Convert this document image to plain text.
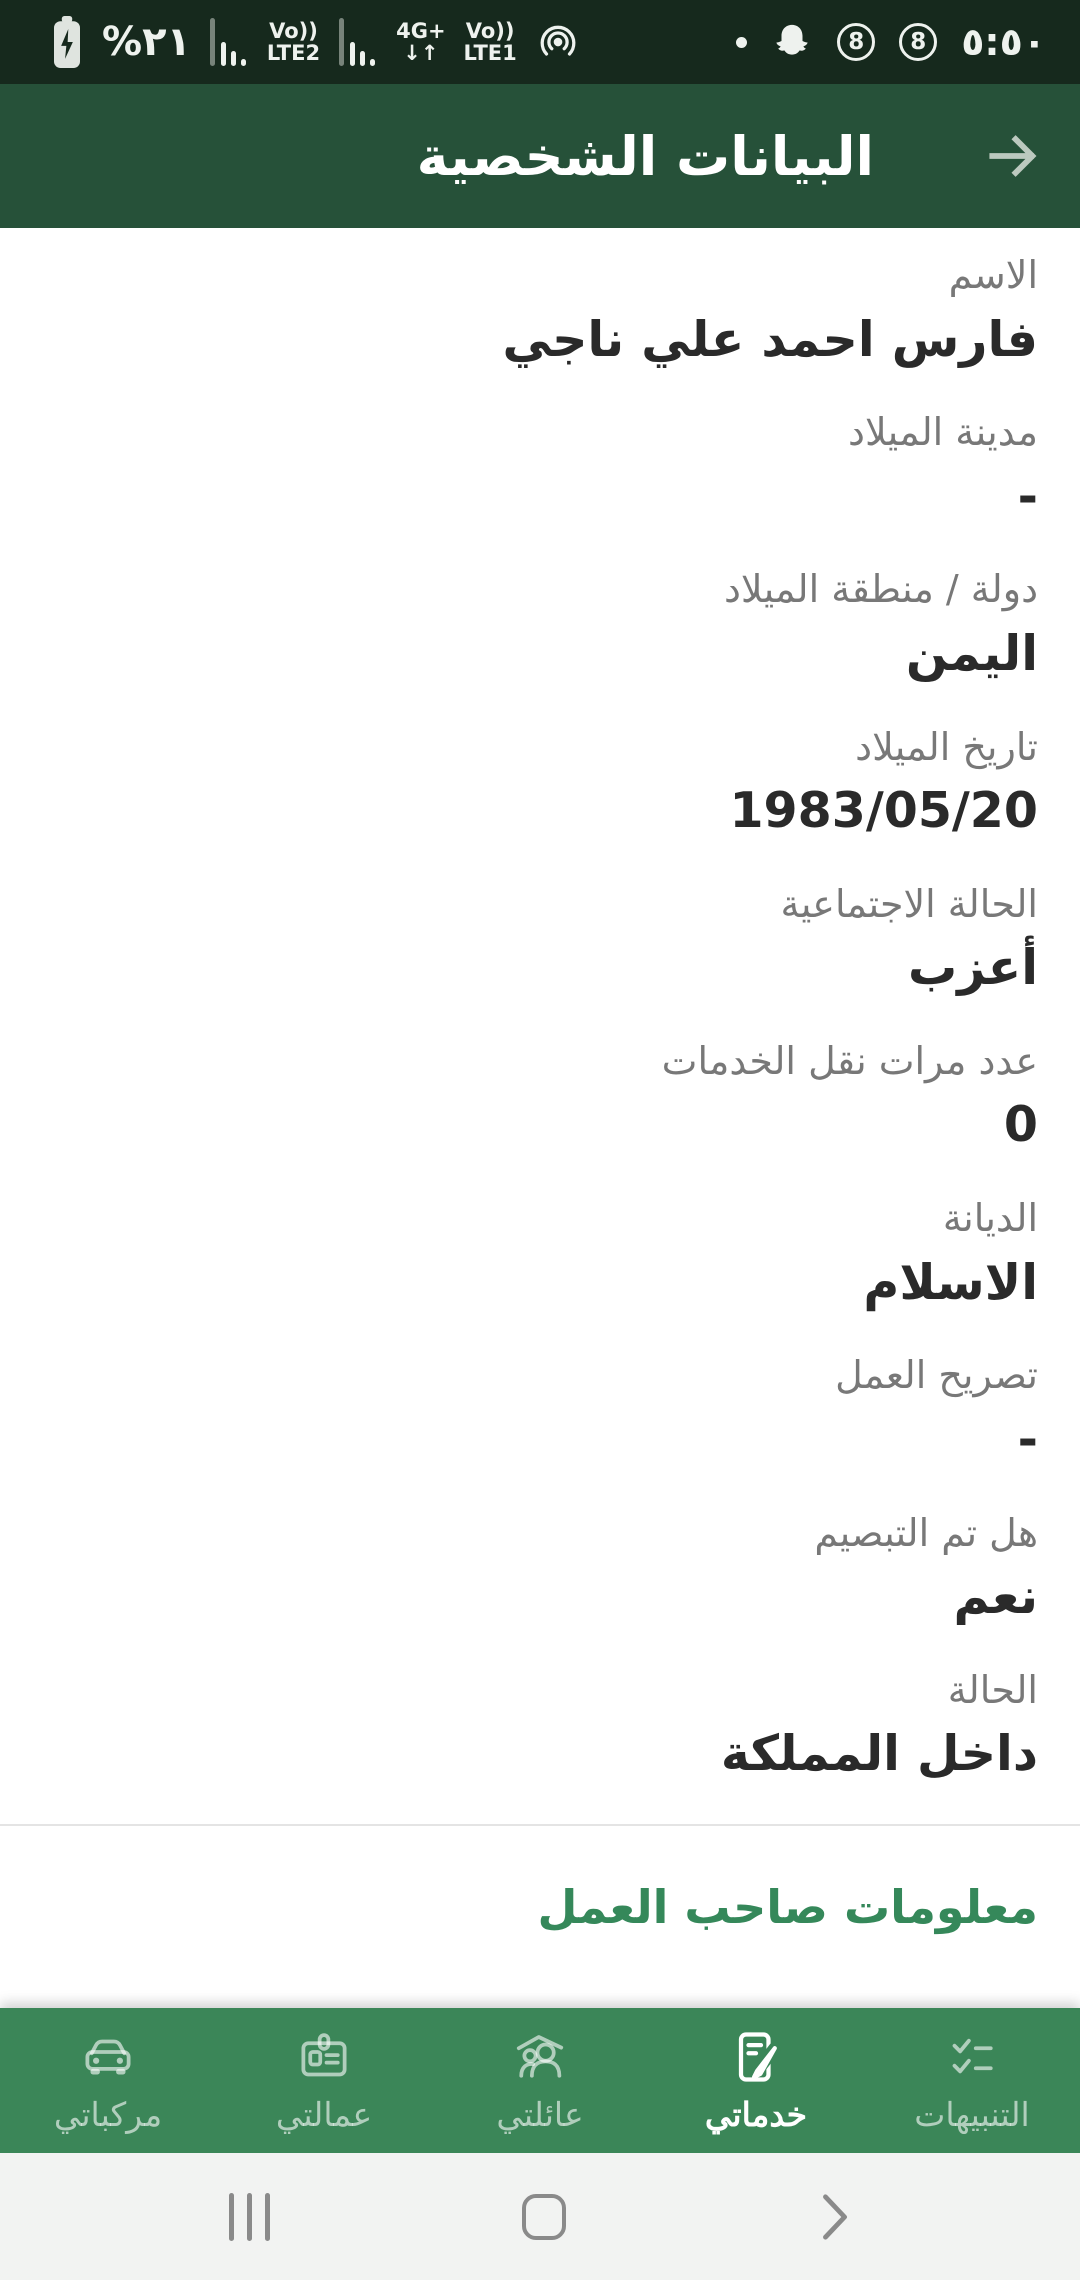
%٢١	Vo))
LTE2
4G+
↓↑
Vo))
LTE1	8	8 ٥:٥٠
البيانات الشخصية
الاسم
فارس احمد علي ناجي
مدينة الميلاد
-
دولة / منطقة الميلاد
اليمن
تاريخ الميلاد
1983/05/20
الحالة الاجتماعية
أعزب
عدد مرات نقل الخدمات
0
الديانة
الاسلام
تصريح العمل
-
هل تم التبصيم
نعم
الحالة
داخل المملكة
معلومات صاحب العمل
مركباتي	عمالتي	عائلتي	خدماتي	التنبيهات
